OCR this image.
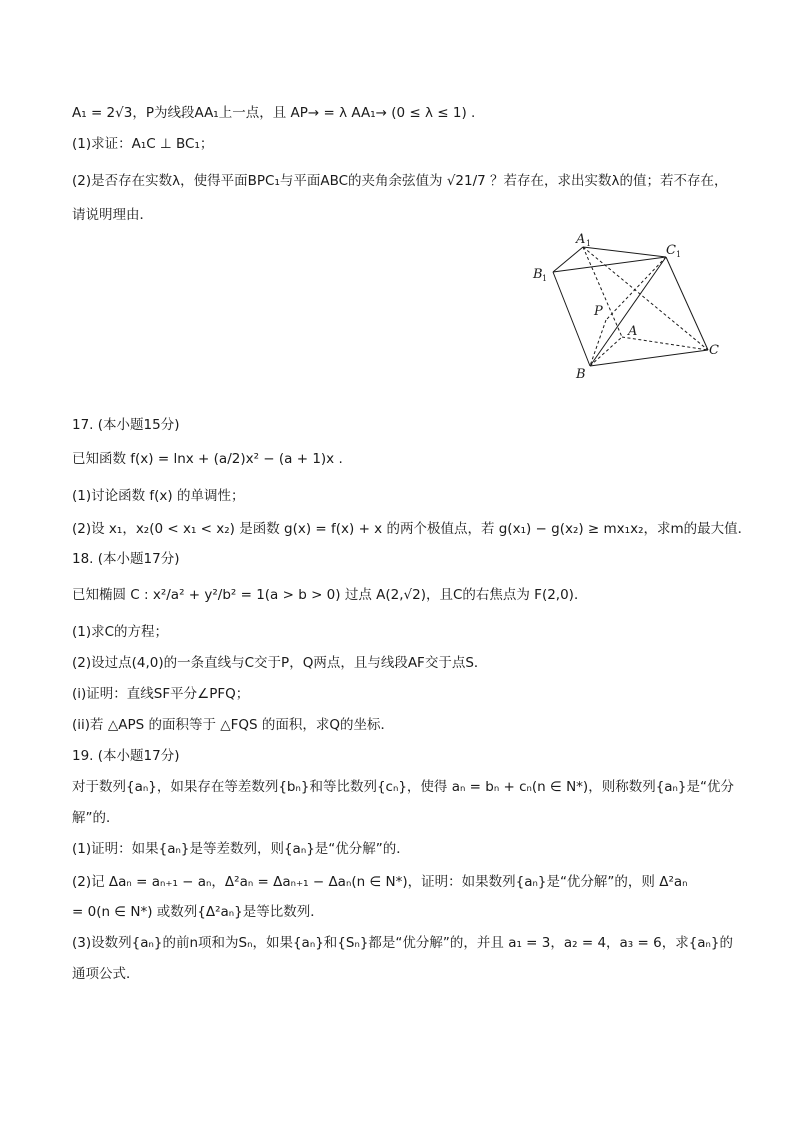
A₁ = 2√3，P为线段AA₁上一点，且 AP→ = λ AA₁→ (0 ≤ λ ≤ 1) .
(1)求证：A₁C ⊥ BC₁；
(2)是否存在实数λ，使得平面BPC₁与平面ABC的夹角余弦值为 √21/7 ？若存在，求出实数λ的值；若不存在，
请说明理由．
17. (本小题15分)
已知函数 f(x) = lnx + (a/2)x² − (a + 1)x .
(1)讨论函数 f(x) 的单调性；
(2)设 x₁，x₂(0 < x₁ < x₂) 是函数 g(x) = f(x) + x 的两个极值点，若 g(x₁) − g(x₂) ≥ mx₁x₂，求m的最大值．
18. (本小题17分)
已知椭圆 C : x²/a² + y²/b² = 1(a > b > 0) 过点 A(2,√2)，且C的右焦点为 F(2,0)．
(1)求C的方程；
(2)设过点(4,0)的一条直线与C交于P，Q两点，且与线段AF交于点S．
(i)证明：直线SF平分∠PFQ；
(ii)若 △APS 的面积等于 △FQS 的面积，求Q的坐标．
19. (本小题17分)
对于数列{aₙ}，如果存在等差数列{bₙ}和等比数列{cₙ}，使得 aₙ = bₙ + cₙ(n ∈ N*)，则称数列{aₙ}是“优分
解”的．
(1)证明：如果{aₙ}是等差数列，则{aₙ}是“优分解”的．
(2)记 Δaₙ = aₙ₊₁ − aₙ，Δ²aₙ = Δaₙ₊₁ − Δaₙ(n ∈ N*)，证明：如果数列{aₙ}是“优分解”的，则 Δ²aₙ
= 0(n ∈ N*) 或数列{Δ²aₙ}是等比数列．
(3)设数列{aₙ}的前n项和为Sₙ，如果{aₙ}和{Sₙ}都是“优分解”的，并且 a₁ = 3，a₂ = 4，a₃ = 6，求{aₙ}的
通项公式．
A 1	C 1
B 1
P
A
C
B
